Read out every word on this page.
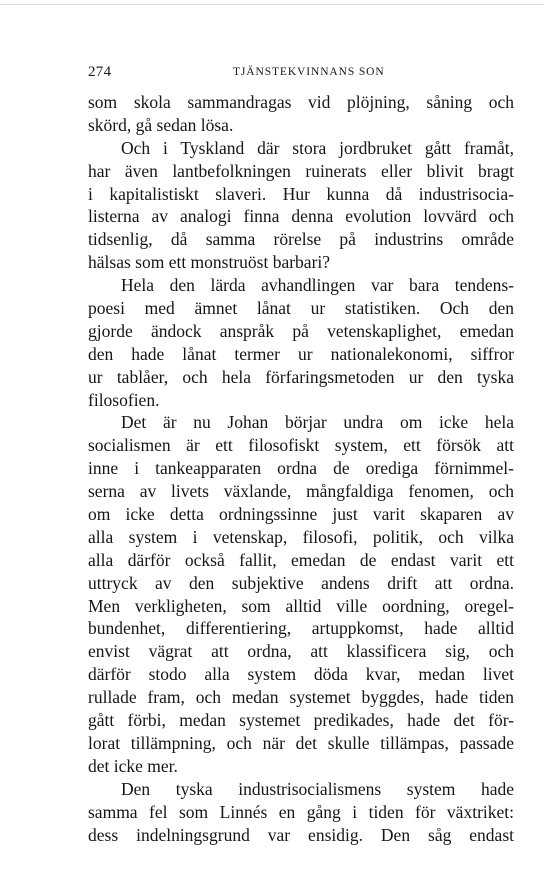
274	TJÄNSTEKVINNANS SON
som skola sammandragas vid plöjning, såning och
skörd, gå sedan lösa.
Och i Tyskland där stora jordbruket gått framåt,
har även lantbefolkningen ruinerats eller blivit bragt
i kapitalistiskt slaveri. Hur kunna då industrisocia-
listerna av analogi finna denna evolution lovvärd och
tidsenlig, då samma rörelse på industrins område
hälsas som ett monstruöst barbari?
Hela den lärda avhandlingen var bara tendens-
poesi med ämnet lånat ur statistiken. Och den
gjorde ändock anspråk på vetenskaplighet, emedan
den hade lånat termer ur nationalekonomi, siffror
ur tablåer, och hela förfaringsmetoden ur den tyska
filosofien.
Det är nu Johan börjar undra om icke hela
socialismen är ett filosofiskt system, ett försök att
inne i tankeapparaten ordna de orediga förnimmel-
serna av livets växlande, mångfaldiga fenomen, och
om icke detta ordningssinne just varit skaparen av
alla system i vetenskap, filosofi, politik, och vilka
alla därför också fallit, emedan de endast varit ett
uttryck av den subjektive andens drift att ordna.
Men verkligheten, som alltid ville oordning, oregel-
bundenhet, differentiering, artuppkomst, hade alltid
envist vägrat att ordna, att klassificera sig, och
därför stodo alla system döda kvar, medan livet
rullade fram, och medan systemet byggdes, hade tiden
gått förbi, medan systemet predikades, hade det för-
lorat tillämpning, och när det skulle tillämpas, passade
det icke mer.
Den tyska industrisocialismens system hade
samma fel som Linnés en gång i tiden för växtriket:
dess indelningsgrund var ensidig. Den såg endast
